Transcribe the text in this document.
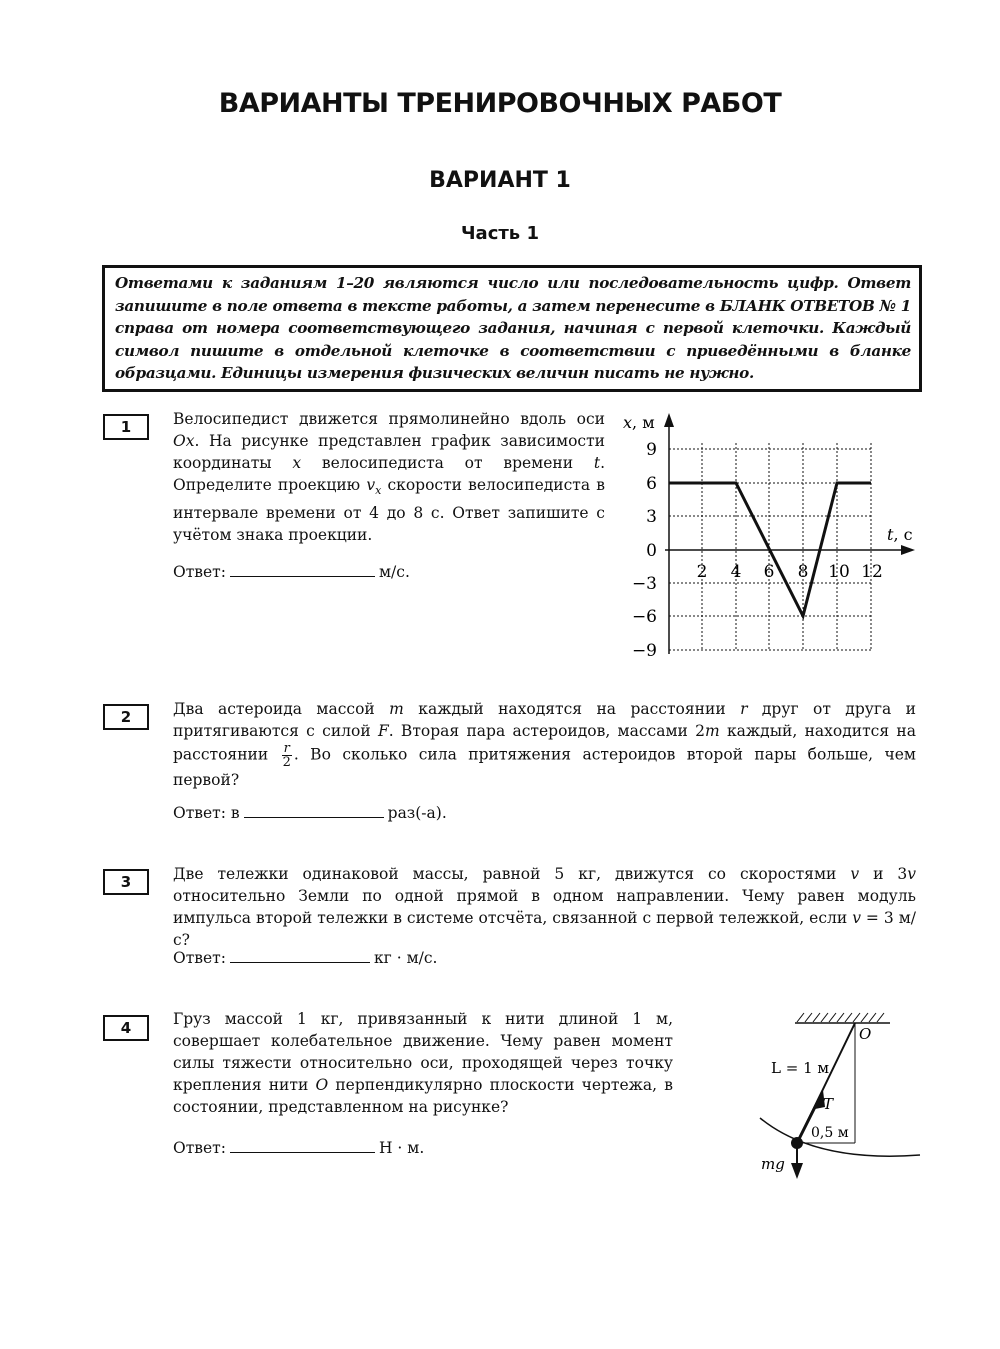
ВАРИАНТЫ ТРЕНИРОВОЧНЫХ РАБОТ
ВАРИАНТ 1
Часть 1
Ответами к заданиям 1–20 являются число или последовательность цифр. Ответ запишите в поле ответа в тексте работы, а затем перенесите в БЛАНК ОТВЕТОВ № 1 справа от номера соответствующего задания, начиная с первой клеточки. Каждый символ пишите в отдельной клеточке в соответствии с приведёнными в бланке образцами. Единицы измерения физических величин писать не нужно.
1	Велосипедист движется прямолинейно вдоль оси Ox. На рисунке представлен график зависимости координаты x велосипедиста от времени t. Определите проекцию $v_x$ скорости велосипедиста в интервале времени от 4 до 8 с. Ответ запишите с учётом знака проекции.
Ответ:	м/с.
9
6
3
0
−3
−6
−9
2 4 6 8 10 12
x, м
t, с
2	Два астероида массой m каждый находятся на расстоянии r друг от друга и притягиваются с силой F. Вторая пара астероидов, массами 2m каждый, находится на расстоянии $\frac{r}{2}$ . Во сколько сила притяжения астероидов второй пары больше, чем первой?
Ответ: в	раз(-а).
3	Две тележки одинаковой массы, равной 5 кг, движутся со скоростями v и 3v относительно Земли по одной прямой в одном направлении. Чему равен модуль импульса второй тележки в системе отсчёта, связанной с первой тележкой, если v = 3 м/с?
Ответ:	кг · м/с.
4	Груз массой 1 кг, привязанный к нити длиной 1 м, совершает колебательное движение. Чему равен момент силы тяжести относительно оси, проходящей через точку крепления нити O перпендикулярно плоскости чертежа, в состоянии, представленном на рисунке?
Ответ:	Н · м.
O
L = 1 м
T
0,5 м
mg
